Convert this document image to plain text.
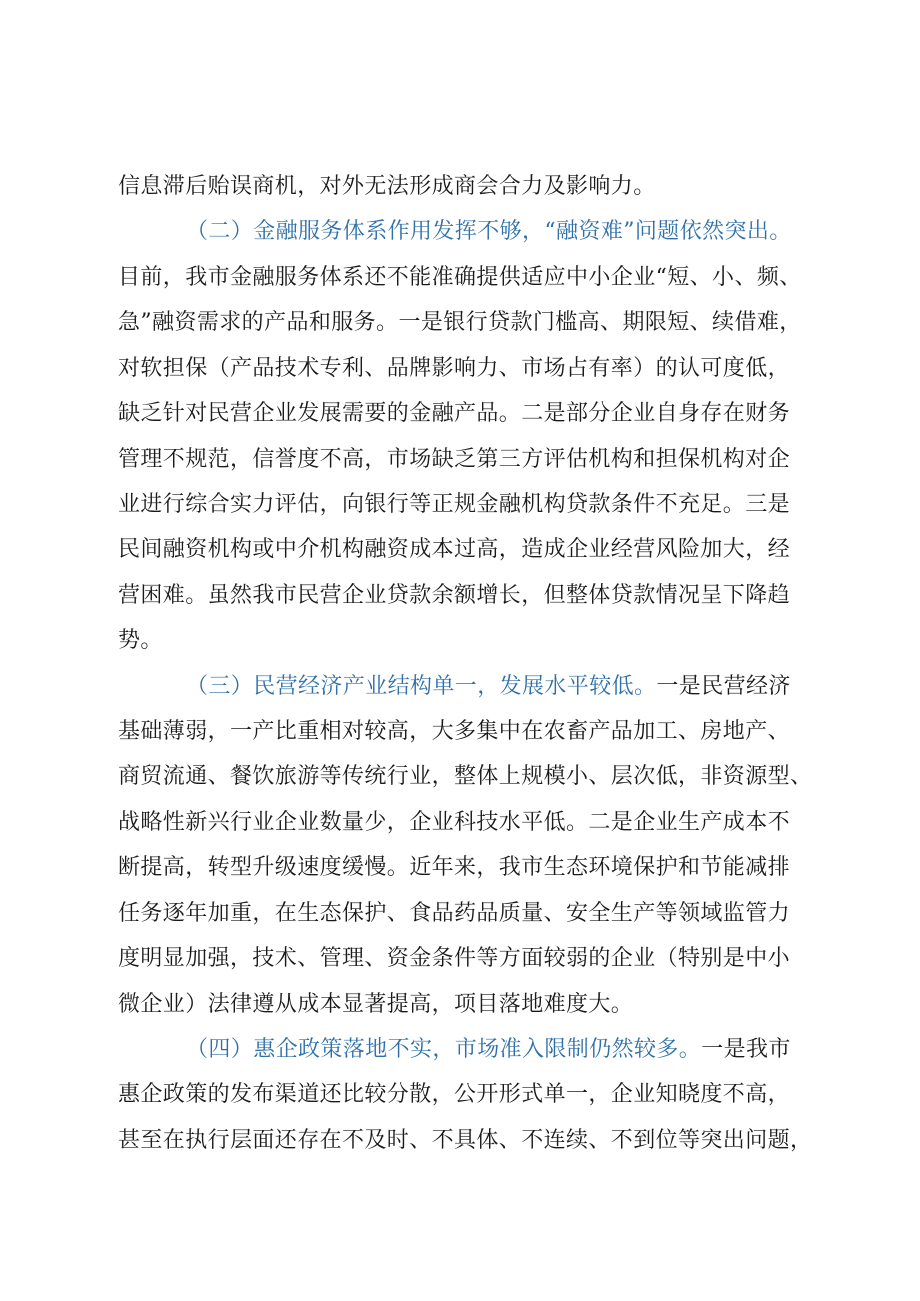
信息滞后贻误商机，对外无法形成商会合力及影响力。
（二）金融服务体系作用发挥不够，“融资难”问题依然突出。
目前，我市金融服务体系还不能准确提供适应中小企业“短、小、频、
急”融资需求的产品和服务。一是银行贷款门槛高、期限短、续借难，
对软担保（产品技术专利、品牌影响力、市场占有率）的认可度低，
缺乏针对民营企业发展需要的金融产品。二是部分企业自身存在财务
管理不规范，信誉度不高，市场缺乏第三方评估机构和担保机构对企
业进行综合实力评估，向银行等正规金融机构贷款条件不充足。三是
民间融资机构或中介机构融资成本过高，造成企业经营风险加大，经
营困难。虽然我市民营企业贷款余额增长，但整体贷款情况呈下降趋
势。
（三）民营经济产业结构单一，发展水平较低。一是民营经济
基础薄弱，一产比重相对较高，大多集中在农畜产品加工、房地产、
商贸流通、餐饮旅游等传统行业，整体上规模小、层次低，非资源型、
战略性新兴行业企业数量少，企业科技水平低。二是企业生产成本不
断提高，转型升级速度缓慢。近年来，我市生态环境保护和节能减排
任务逐年加重，在生态保护、食品药品质量、安全生产等领域监管力
度明显加强，技术、管理、资金条件等方面较弱的企业（特别是中小
微企业）法律遵从成本显著提高，项目落地难度大。
（四）惠企政策落地不实，市场准入限制仍然较多。一是我市
惠企政策的发布渠道还比较分散，公开形式单一，企业知晓度不高，
甚至在执行层面还存在不及时、不具体、不连续、不到位等突出问题，
